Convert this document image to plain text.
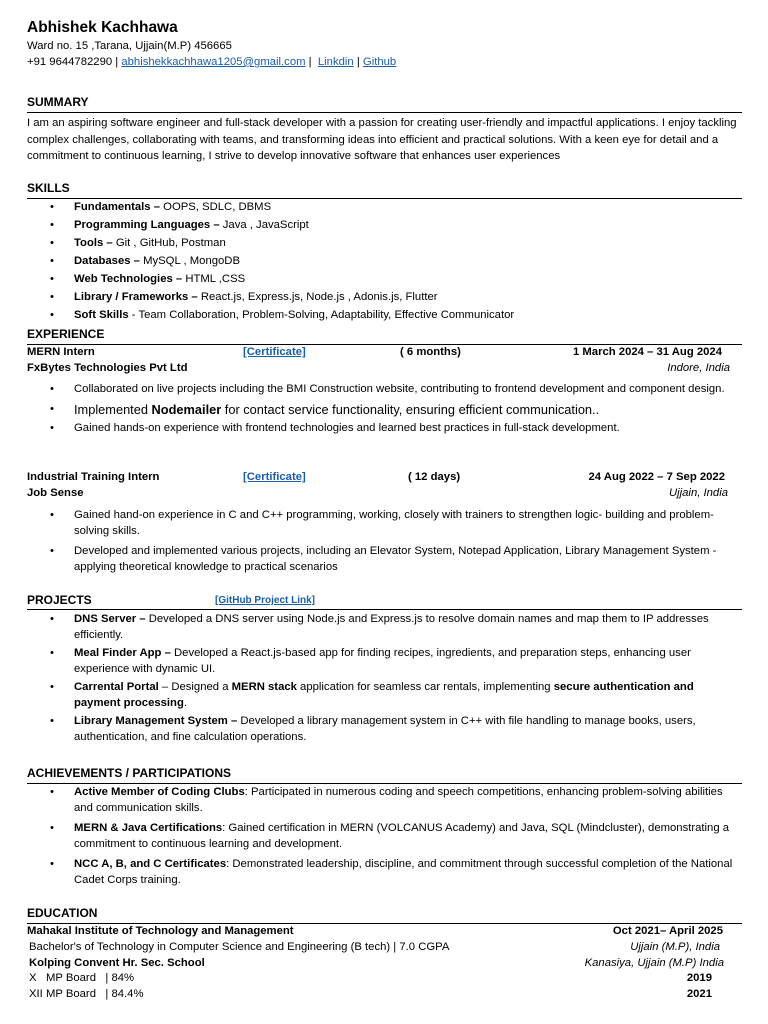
Abhishek Kachhawa
Ward no. 15 ,Tarana, Ujjain(M.P) 456665
+91 9644782290 | abhishekkachhawa1205@gmail.com | Linkdin | Github
SUMMARY

I am an aspiring software engineer and full-stack developer with a passion for creating user-friendly and impactful applications. I enjoy tackling complex challenges, collaborating with teams, and transforming ideas into efficient and practical solutions. With a keen eye for detail and a commitment to continuous learning, I strive to develop innovative software that enhances user experiences

SKILLS
• Fundamentals – OOPS, SDLC, DBMS
• Programming Languages – Java , JavaScript
• Tools – Git , GitHub, Postman
• Databases – MySQL , MongoDB
• Web Technologies – HTML ,CSS
• Library / Frameworks – React.js, Express.js, Node.js , Adonis.js, Flutter
• Soft Skills - Team Collaboration, Problem-Solving, Adaptability, Effective Communicator
EXPERIENCE
MERN Intern	[Certificate]	( 6 months)	1 March 2024 – 31 Aug 2024
FxBytes Technologies Pvt Ltd	Indore, India
• Collaborated on live projects including the BMI Construction website, contributing to frontend development and component design.
• Implemented Nodemailer for contact service functionality, ensuring efficient communication..
• Gained hands-on experience with frontend technologies and learned best practices in full-stack development.
Industrial Training Intern	[Certificate]	( 12 days)	24 Aug 2022 – 7 Sep 2022
Job Sense	Ujjain, India
• Gained hand-on experience in C and C++ programming, working, closely with trainers to strengthen logic- building and problem-solving skills.
• Developed and implemented various projects, including an Elevator System, Notepad Application, Library Management System -applying theoretical knowledge to practical scenarios
PROJECTS	[GitHub Project Link]
• DNS Server – Developed a DNS server using Node.js and Express.js to resolve domain names and map them to IP addresses efficiently.
• Meal Finder App – Developed a React.js-based app for finding recipes, ingredients, and preparation steps, enhancing user experience with dynamic UI.
• Carrental Portal – Designed a MERN stack application for seamless car rentals, implementing secure authentication and payment processing.
• Library Management System – Developed a library management system in C++ with file handling to manage books, users, authentication, and fine calculation operations.
ACHIEVEMENTS / PARTICIPATIONS
• Active Member of Coding Clubs: Participated in numerous coding and speech competitions, enhancing problem-solving abilities and communication skills.
• MERN & Java Certifications: Gained certification in MERN (VOLCANUS Academy) and Java, SQL (Mindcluster), demonstrating a commitment to continuous learning and development.
• NCC A, B, and C Certificates: Demonstrated leadership, discipline, and commitment through successful completion of the National Cadet Corps training.
EDUCATION
Mahakal Institute of Technology and Management	Oct 2021– April 2025
Bachelor's of Technology in Computer Science and Engineering (B tech) | 7.0 CGPA	Ujjain (M.P), India
Kolping Convent Hr. Sec. School	Kanasiya, Ujjain (M.P) India
X   MP Board   | 84%	2019
XII MP Board   | 84.4%	2021
